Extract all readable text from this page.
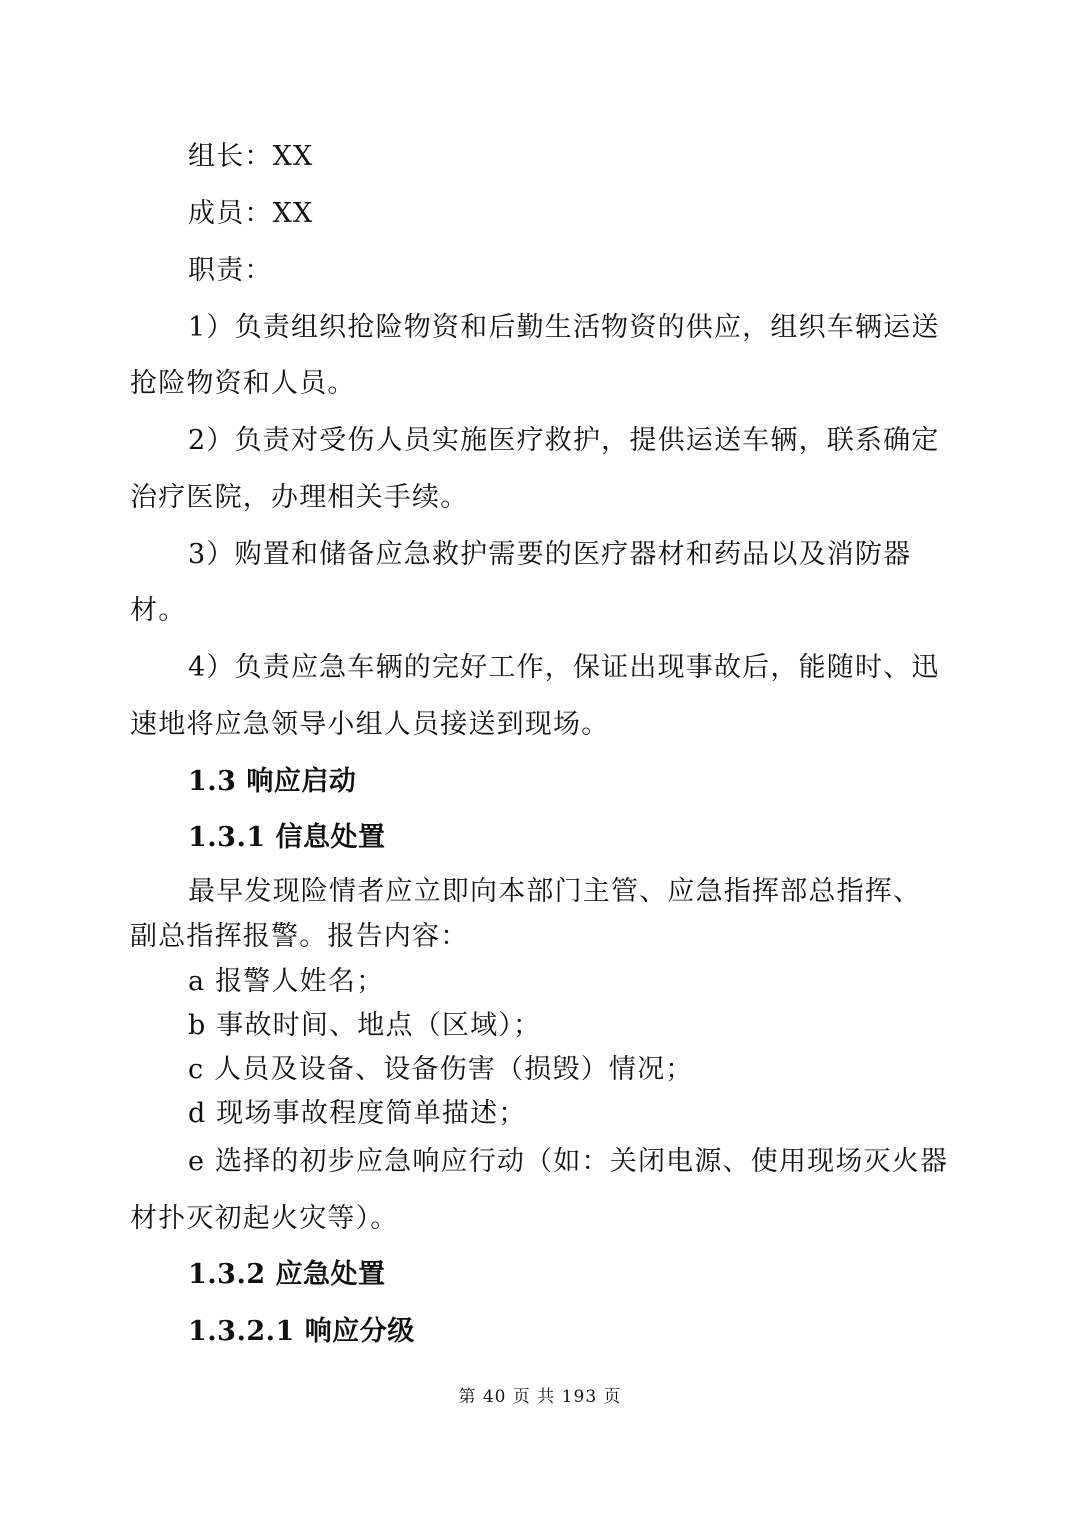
组长：XX
成员：XX
职责：
1）负责组织抢险物资和后勤生活物资的供应，组织车辆运送
抢险物资和人员。
2）负责对受伤人员实施医疗救护，提供运送车辆，联系确定
治疗医院，办理相关手续。
3）购置和储备应急救护需要的医疗器材和药品以及消防器
材。
4）负责应急车辆的完好工作，保证出现事故后，能随时、迅
速地将应急领导小组人员接送到现场。
1.3 响应启动
1.3.1 信息处置
最早发现险情者应立即向本部门主管、应急指挥部总指挥、
副总指挥报警。报告内容：
a 报警人姓名；
b 事故时间、地点（区域）；
c 人员及设备、设备伤害（损毁）情况；
d 现场事故程度简单描述；
e 选择的初步应急响应行动（如：关闭电源、使用现场灭火器
材扑灭初起火灾等）。
1.3.2 应急处置
1.3.2.1 响应分级
第 40 页 共 193 页
